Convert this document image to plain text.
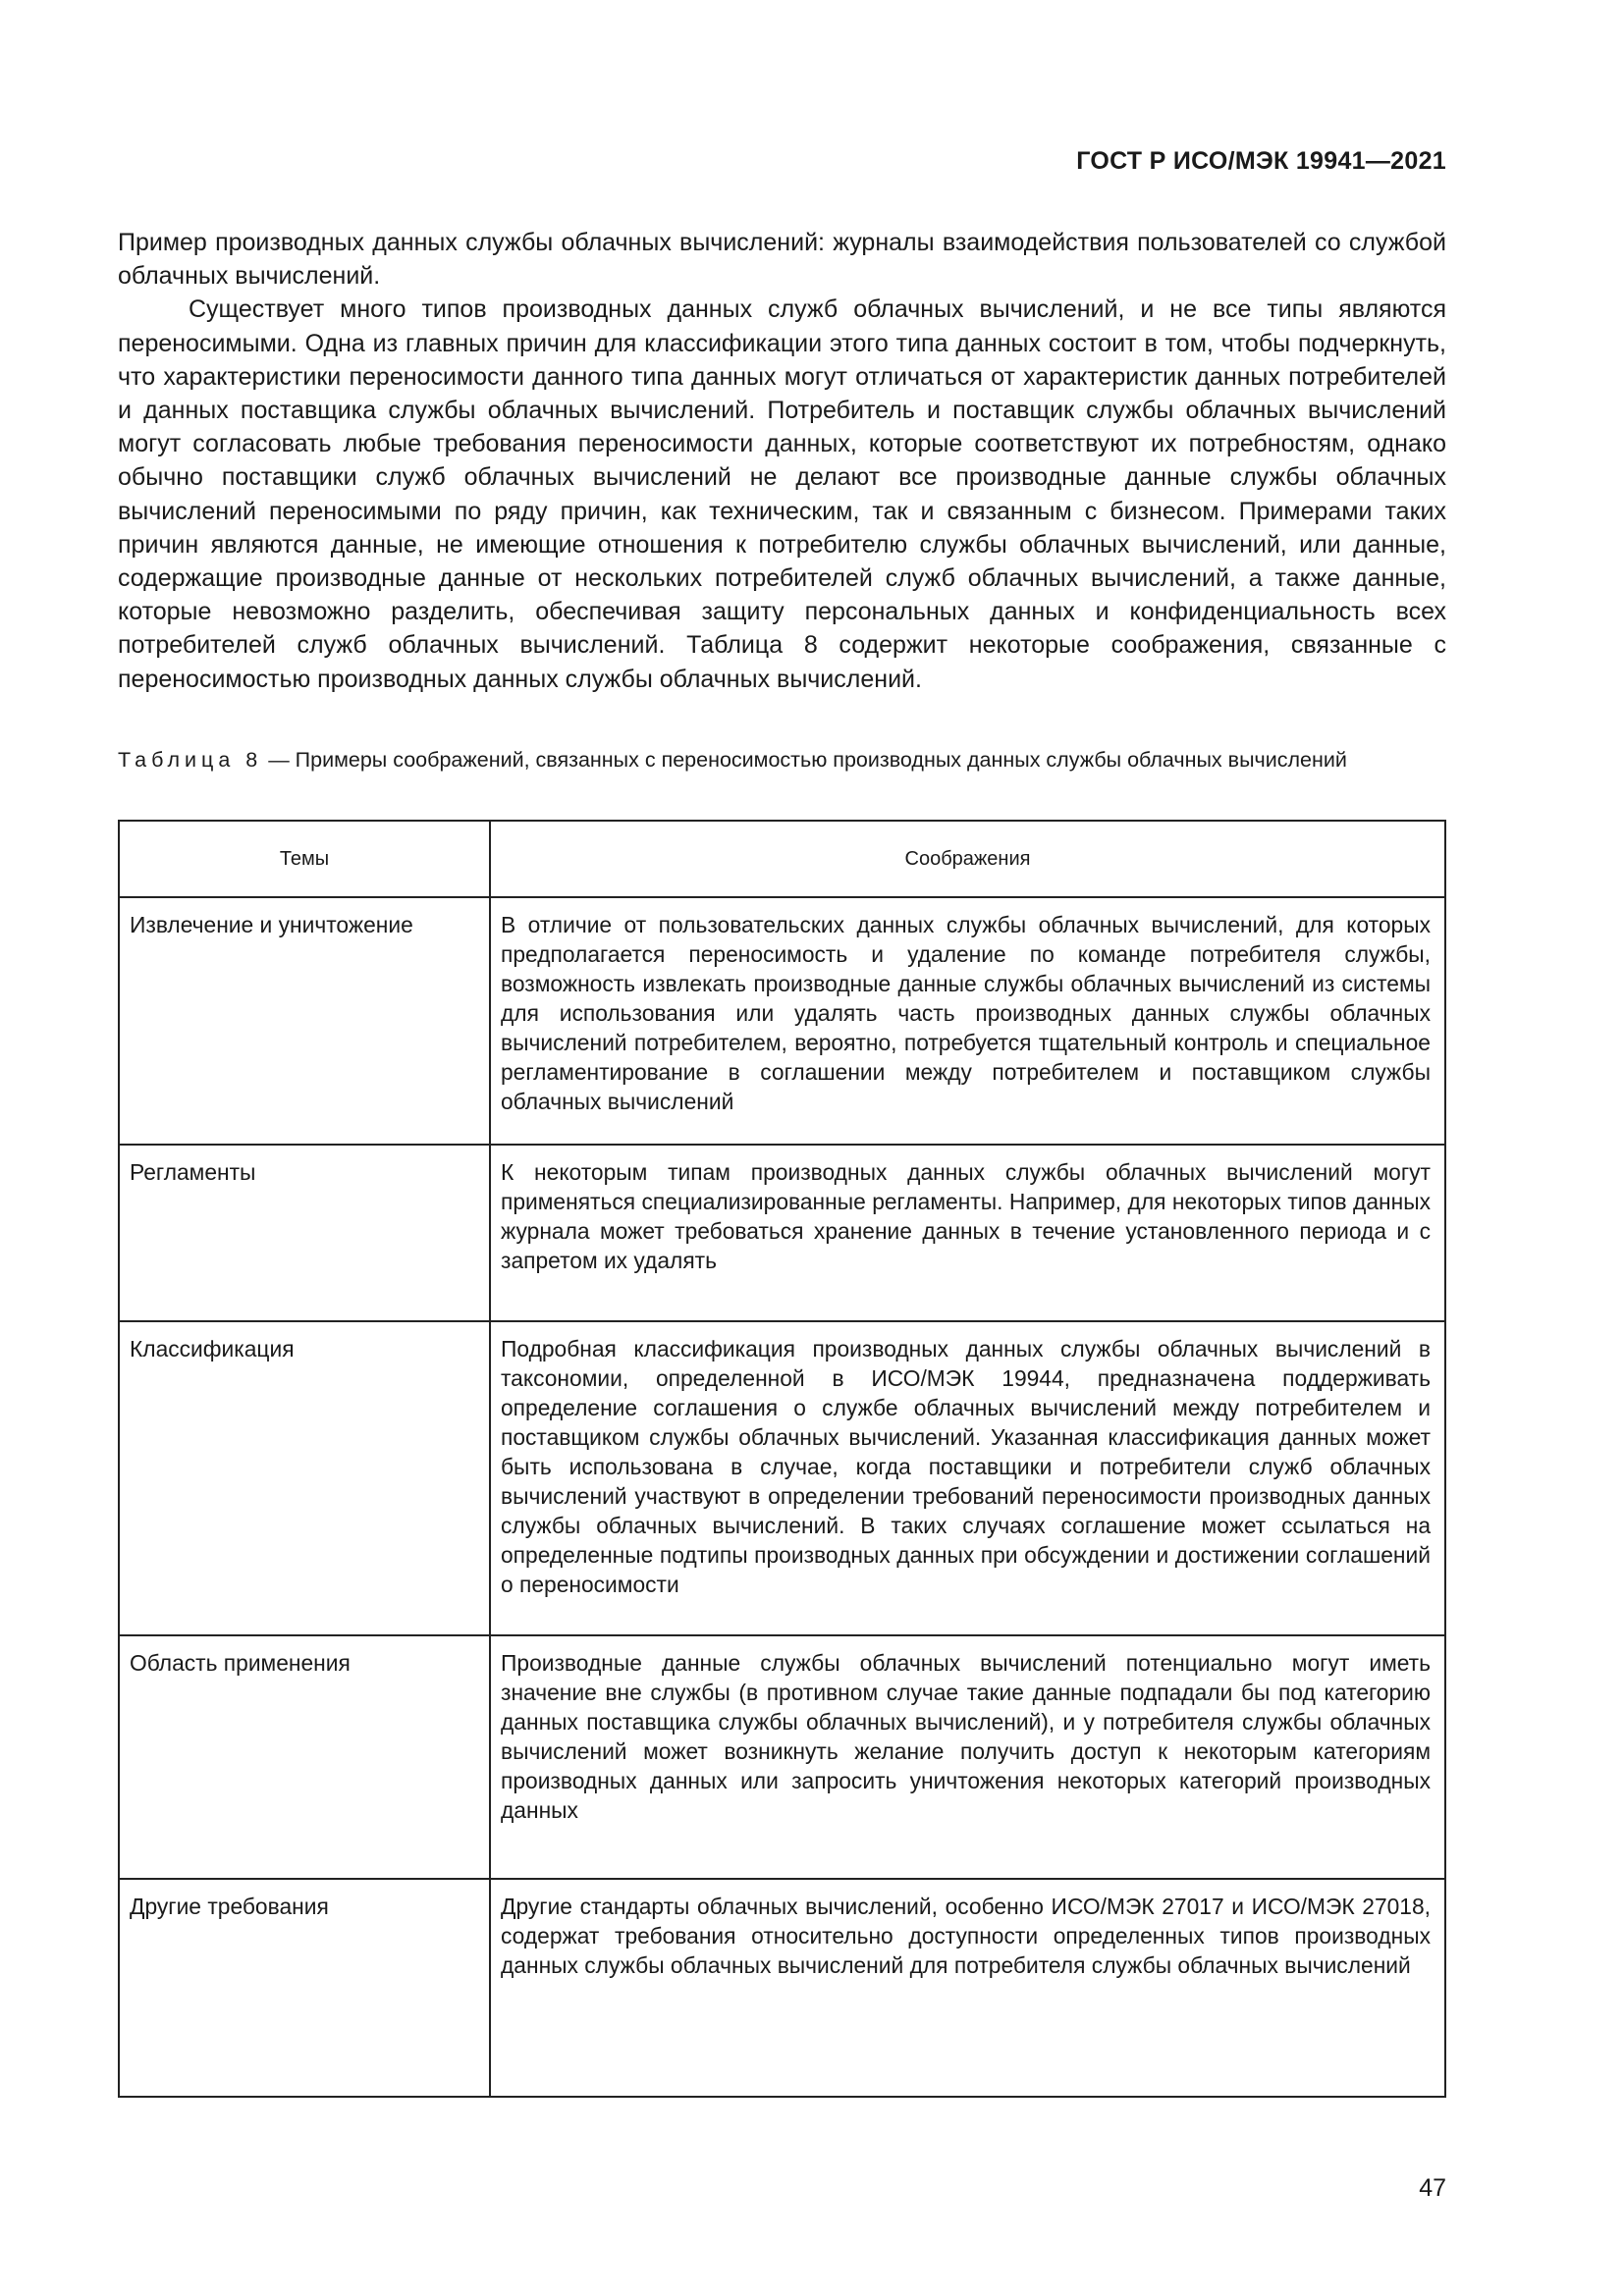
ГОСТ Р ИСО/МЭК 19941—2021

Пример производных данных службы облачных вычислений: журналы взаимодействия пользователей со службой облачных вычислений.

Существует много типов производных данных служб облачных вычислений, и не все типы являются переносимыми. Одна из главных причин для классификации этого типа данных состоит в том, чтобы подчеркнуть, что характеристики переносимости данного типа данных могут отличаться от характеристик данных потребителей и данных поставщика службы облачных вычислений. Потребитель и поставщик службы облачных вычислений могут согласовать любые требования переносимости данных, которые соответствуют их потребностям, однако обычно поставщики служб облачных вычислений не делают все производные данные службы облачных вычислений переносимыми по ряду причин, как техническим, так и связанным с бизнесом. Примерами таких причин являются данные, не имеющие отношения к потребителю службы облачных вычислений, или данные, содержащие производные данные от нескольких потребителей служб облачных вычислений, а также данные, которые невозможно разделить, обеспечивая защиту персональных данных и конфиденциальность всех потребителей служб облачных вычислений. Таблица 8 содержит некоторые соображения, связанные с переносимостью производных данных службы облачных вычислений.

Таблица 8 — Примеры соображений, связанных с переносимостью производных данных службы облачных вычислений
Темы	Соображения
Извлечение и уничтожение	В отличие от пользовательских данных службы облачных вычислений, для которых предполагается переносимость и удаление по команде потребителя службы, возможность извлекать производные данные службы облачных вычислений из системы для использования или удалять часть производных данных службы облачных вычислений потребителем, вероятно, потребуется тщательный контроль и специальное регламентирование в соглашении между потребителем и поставщиком службы облачных вычислений
Регламенты	К некоторым типам производных данных службы облачных вычислений могут применяться специализированные регламенты. Например, для некоторых типов данных журнала может требоваться хранение данных в течение установленного периода и с запретом их удалять
Классификация	Подробная классификация производных данных службы облачных вычислений в таксономии, определенной в ИСО/МЭК 19944, предназначена поддерживать определение соглашения о службе облачных вычислений между потребителем и поставщиком службы облачных вычислений. Указанная классификация данных может быть использована в случае, когда поставщики и потребители служб облачных вычислений участвуют в определении требований переносимости производных данных службы облачных вычислений. В таких случаях соглашение может ссылаться на определенные подтипы производных данных при обсуждении и достижении соглашений о переносимости
Область применения	Производные данные службы облачных вычислений потенциально могут иметь значение вне службы (в противном случае такие данные подпадали бы под категорию данных поставщика службы облачных вычислений), и у потребителя службы облачных вычислений может возникнуть желание получить доступ к некоторым категориям производных данных или запросить уничтожения некоторых категорий производных данных
Другие требования	Другие стандарты облачных вычислений, особенно ИСО/МЭК 27017 и ИСО/МЭК 27018, содержат требования относительно доступности определенных типов производных данных службы облачных вычислений для потребителя службы облачных вычислений
47
